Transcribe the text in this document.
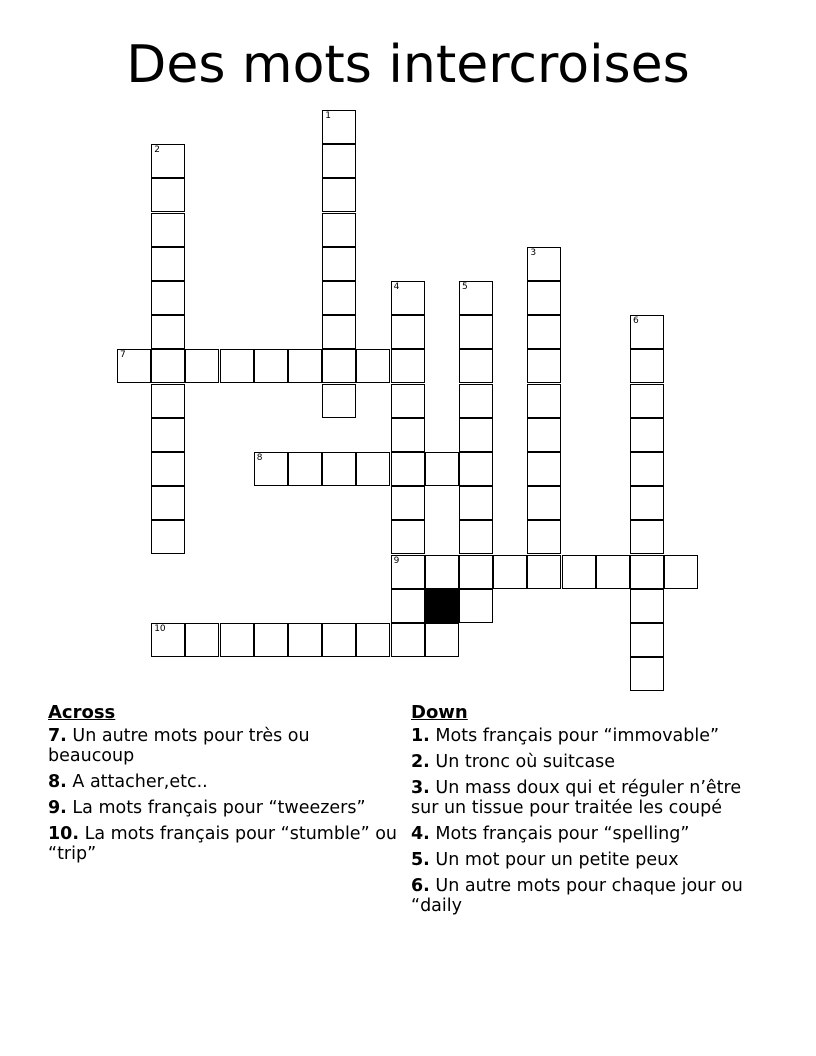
Des mots intercroises
1
2
3
4
9
5
6
7
8
10
Across
7. Un autre mots pour très ou beaucoup
8. A attacher,etc..
9. La mots français pour “tweezers”
10. La mots français pour “stumble” ou “trip”
Down
1. Mots français pour “immovable”
2. Un tronc où suitcase
3. Un mass doux qui et réguler n’être sur un tissue pour traitée les coupé
4. Mots français pour “spelling”
5. Un mot pour un petite peux
6. Un autre mots pour chaque jour ou “daily
